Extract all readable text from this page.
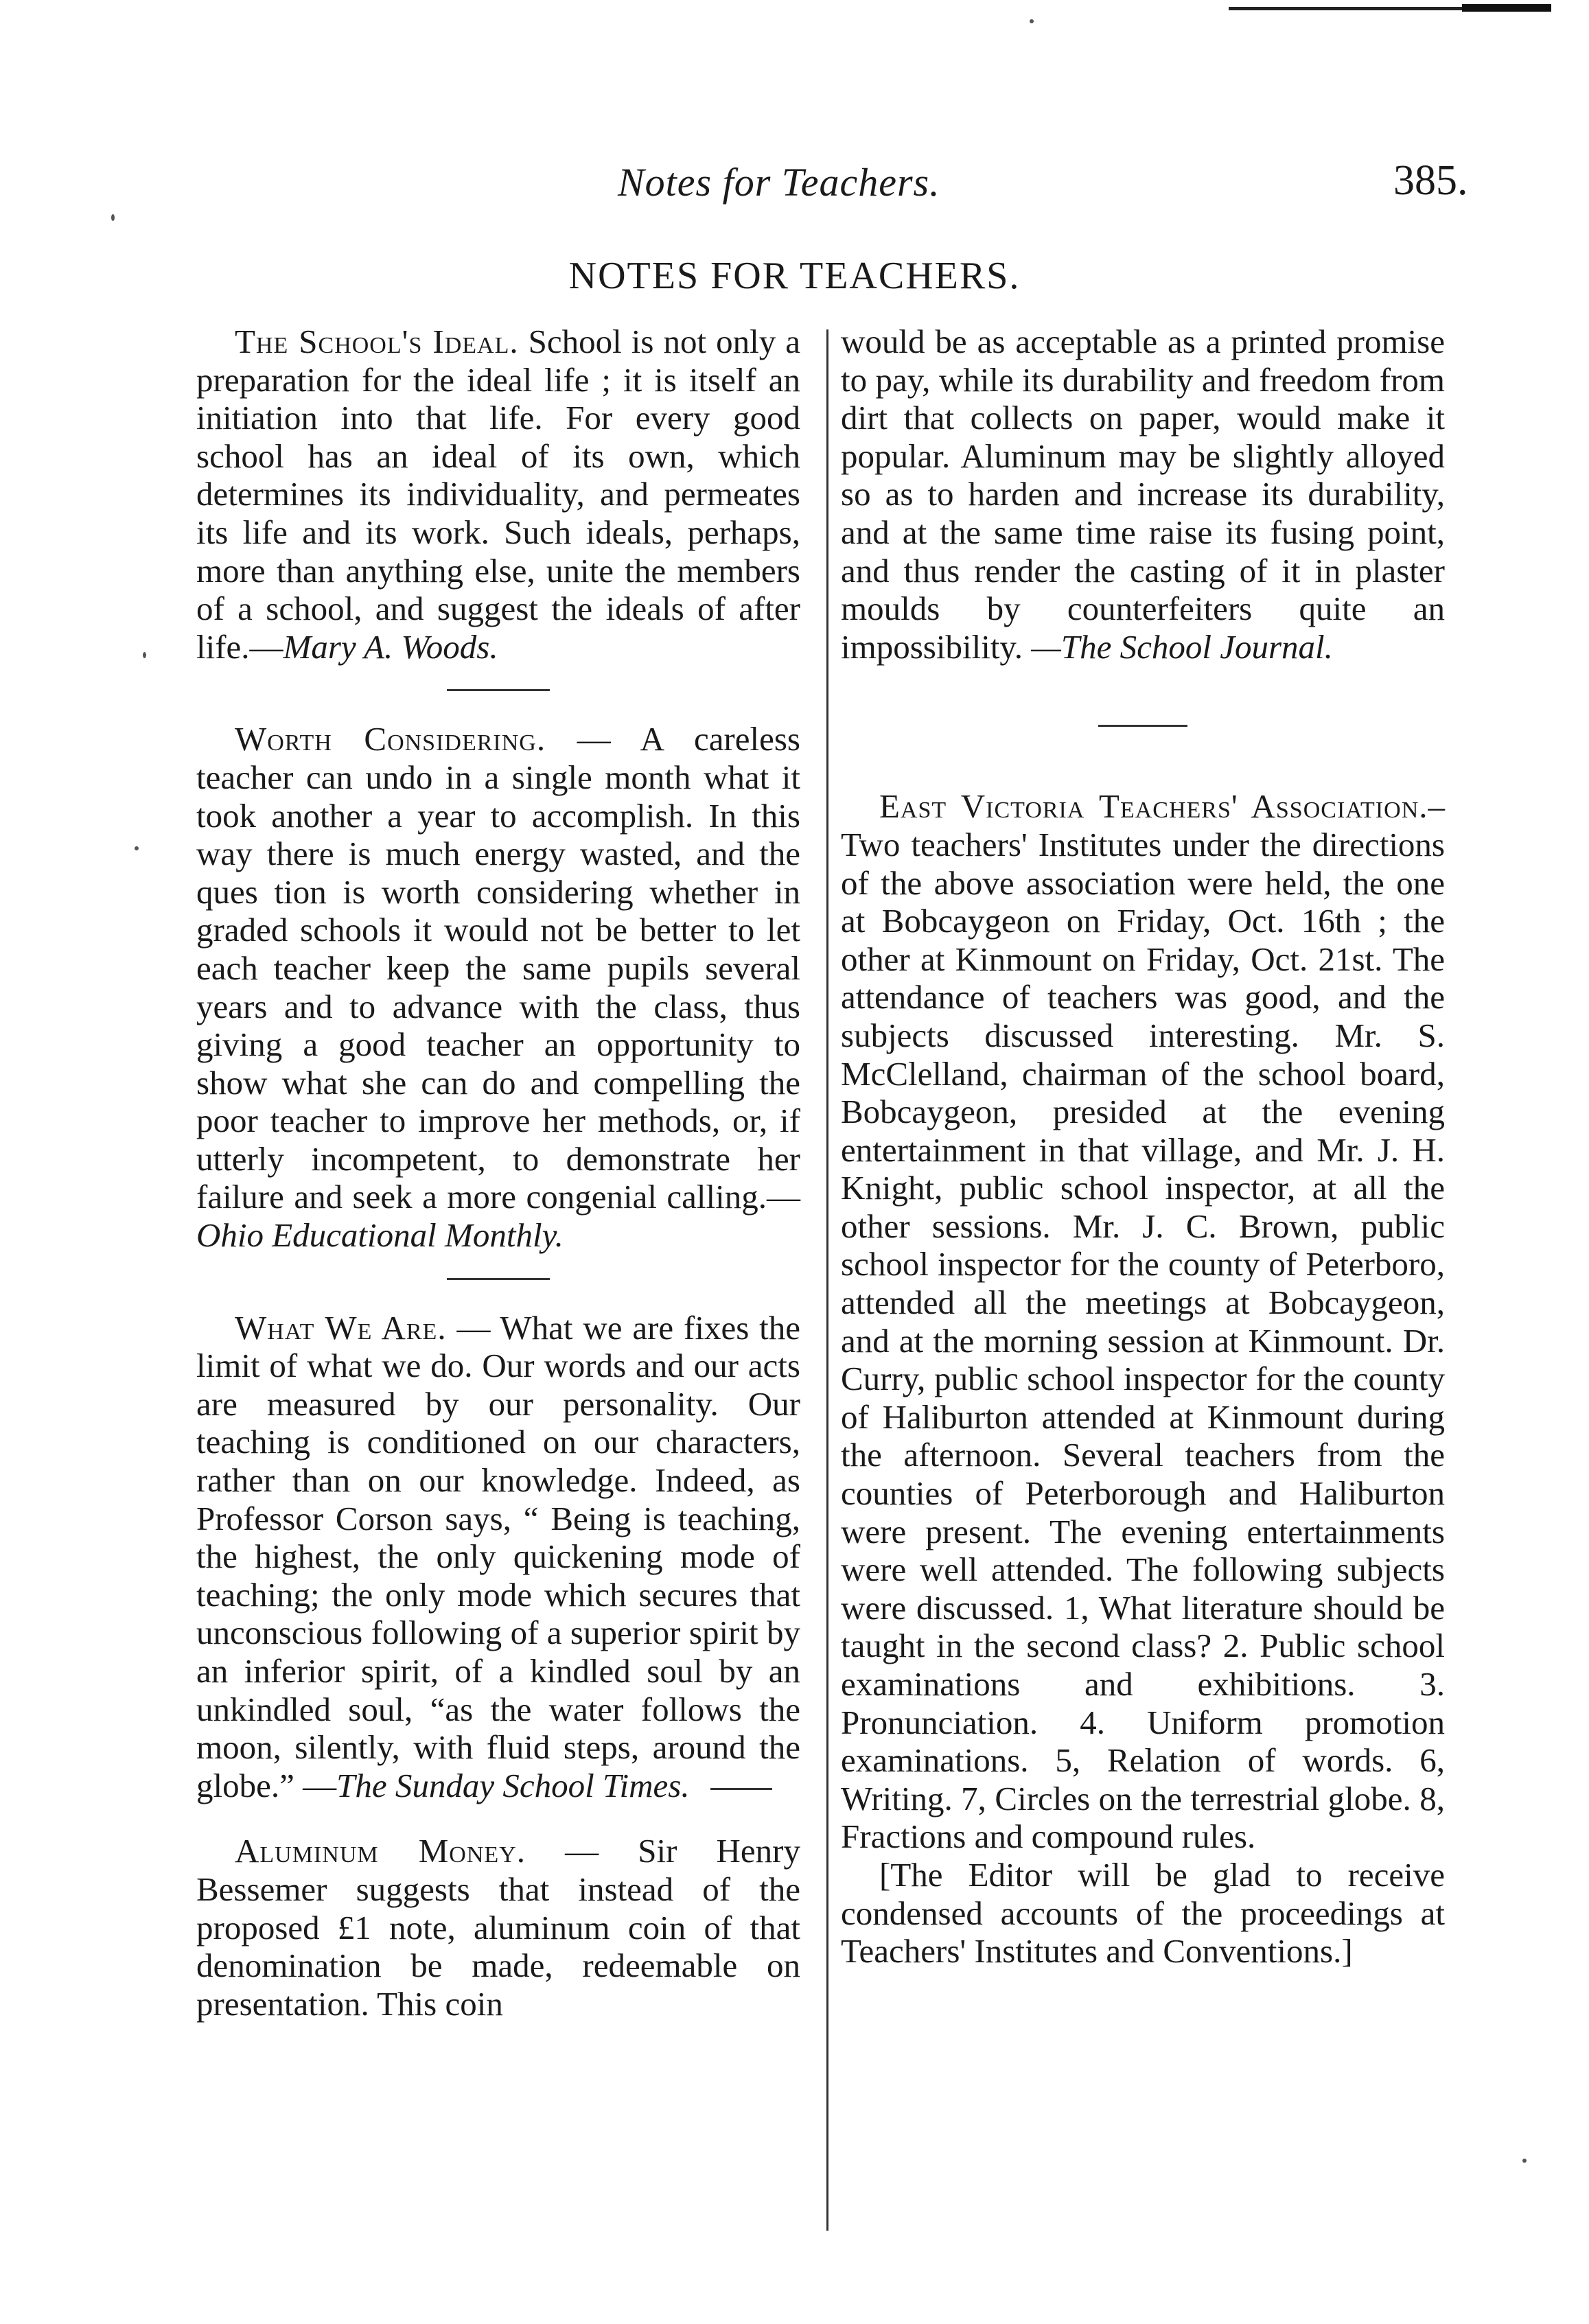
Notes for Teachers.	385.
NOTES FOR TEACHERS.

The School's Ideal. School is not only a preparation for the ideal life ; it is itself an initiation into that life. For every good school has an ideal of its own, which determines its individuality, and permeates its life and its work. Such ideals, perhaps, more than anything else, unite the members of a school, and suggest the ideals of after life.—Mary A. Woods.

Worth Considering. — A careless teacher can undo in a single month what it took another a year to accomplish. In this way there is much energy wasted, and the ques tion is worth considering whether in graded schools it would not be better to let each teacher keep the same pupils several years and to advance with the class, thus giving a good teacher an opportunity to show what she can do and compelling the poor teacher to improve her methods, or, if utterly incompetent, to demonstrate her failure and seek a more congenial calling.—Ohio Educational Monthly.

What We Are. — What we are fixes the limit of what we do. Our words and our acts are measured by our personality. Our teaching is conditioned on our characters, rather than on our knowledge. Indeed, as Professor Corson says, “ Being is teaching, the highest, the only quickening mode of teaching; the only mode which secures that unconscious following of a superior spirit by an inferior spirit, of a kindled soul by an unkindled soul, “as the water follows the moon, silently, with fluid steps, around the globe.” —The Sunday School Times.

Aluminum Money. — Sir Henry Bessemer suggests that instead of the proposed £1 note, aluminum coin of that denomination be made, redeemable on presentation. This coin

would be as acceptable as a printed promise to pay, while its durability and freedom from dirt that collects on paper, would make it popular. Aluminum may be slightly alloyed so as to harden and increase its durability, and at the same time raise its fusing point, and thus render the casting of it in plaster moulds by counterfeiters quite an impossibility. —The School Journal.

East Victoria Teachers' Association.–Two teachers' Institutes under the directions of the above association were held, the one at Bobcaygeon on Friday, Oct. 16th ; the other at Kinmount on Friday, Oct. 21st. The attendance of teachers was good, and the subjects discussed interesting. Mr. S. McClelland, chairman of the school board, Bobcaygeon, presided at the evening entertainment in that village, and Mr. J. H. Knight, public school inspector, at all the other sessions. Mr. J. C. Brown, public school inspector for the county of Peterboro, attended all the meetings at Bobcaygeon, and at the morning session at Kinmount. Dr. Curry, public school inspector for the county of Haliburton attended at Kinmount during the afternoon. Several teachers from the counties of Peterborough and Haliburton were present. The evening entertainments were well attended. The following subjects were discussed. 1, What literature should be taught in the second class? 2. Public school examinations and exhibitions. 3. Pronunciation. 4. Uniform promotion examinations. 5, Relation of words. 6, Writing. 7, Circles on the terrestrial globe. 8, Fractions and compound rules.

[The Editor will be glad to receive condensed accounts of the proceedings at Teachers' Institutes and Conventions.]
